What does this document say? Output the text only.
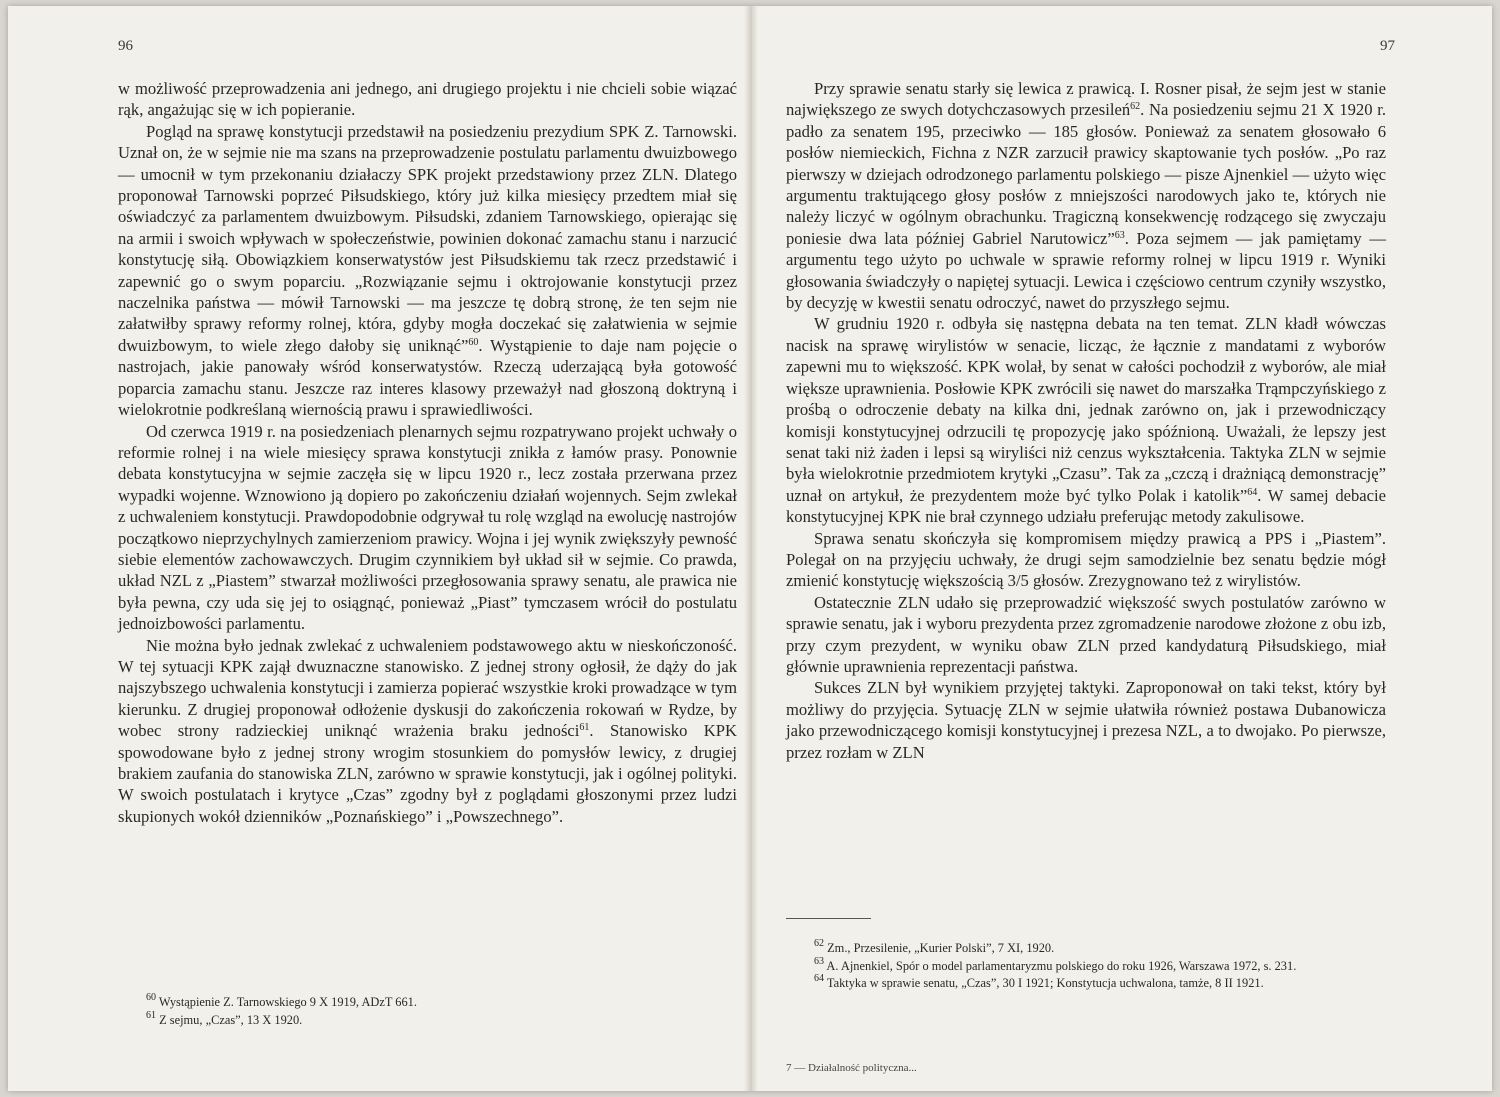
96

w możliwość przeprowadzenia ani jednego, ani drugiego projektu i nie chcieli sobie wiązać rąk, angażując się w ich popieranie.

Pogląd na sprawę konstytucji przedstawił na posiedzeniu prezydium SPK Z. Tarnowski. Uznał on, że w sejmie nie ma szans na przeprowadzenie postulatu parlamentu dwuizbowego — umocnił w tym przekonaniu działaczy SPK projekt przedstawiony przez ZLN. Dlatego proponował Tarnowski poprzeć Piłsudskiego, który już kilka miesięcy przedtem miał się oświadczyć za parlamentem dwuizbowym. Piłsudski, zdaniem Tarnowskiego, opierając się na armii i swoich wpływach w społeczeństwie, powinien dokonać zamachu stanu i narzucić konstytucję siłą. Obowiązkiem konserwatystów jest Piłsudskiemu tak rzecz przedstawić i zapewnić go o swym poparciu. „Rozwiązanie sejmu i oktrojowanie konstytucji przez naczelnika państwa — mówił Tarnowski — ma jeszcze tę dobrą stronę, że ten sejm nie załatwiłby sprawy reformy rolnej, która, gdyby mogła doczekać się załatwienia w sejmie dwuizbowym, to wiele złego dałoby się uniknąć”$^{60}$. Wystąpienie to daje nam pojęcie o nastrojach, jakie panowały wśród konserwatystów. Rzeczą uderzającą była gotowość poparcia zamachu stanu. Jeszcze raz interes klasowy przeważył nad głoszoną doktryną i wielokrotnie podkreślaną wiernością prawu i sprawiedliwości.

Od czerwca 1919 r. na posiedzeniach plenarnych sejmu rozpatrywano projekt uchwały o reformie rolnej i na wiele miesięcy sprawa konstytucji znikła z łamów prasy. Ponownie debata konstytucyjna w sejmie zaczęła się w lipcu 1920 r., lecz została przerwana przez wypadki wojenne. Wznowiono ją dopiero po zakończeniu działań wojennych. Sejm zwlekał z uchwaleniem konstytucji. Prawdopodobnie odgrywał tu rolę wzgląd na ewolucję nastrojów początkowo nieprzychylnych zamierzeniom prawicy. Wojna i jej wynik zwiększyły pewność siebie elementów zachowawczych. Drugim czynnikiem był układ sił w sejmie. Co prawda, układ NZL z „Piastem” stwarzał możliwości przegłosowania sprawy senatu, ale prawica nie była pewna, czy uda się jej to osiągnąć, ponieważ „Piast” tymczasem wrócił do postulatu jednoizbowości parlamentu.

Nie można było jednak zwlekać z uchwaleniem podstawowego aktu w nieskończoność. W tej sytuacji KPK zajął dwuznaczne stanowisko. Z jednej strony ogłosił, że dąży do jak najszybszego uchwalenia konstytucji i zamierza popierać wszystkie kroki prowadzące w tym kierunku. Z drugiej proponował odłożenie dyskusji do zakończenia rokowań w Rydze, by wobec strony radzieckiej uniknąć wrażenia braku jedności$^{61}$. Stanowisko KPK spowodowane było z jednej strony wrogim stosunkiem do pomysłów lewicy, z drugiej brakiem zaufania do stanowiska ZLN, zarówno w sprawie konstytucji, jak i ogólnej polityki. W swoich postulatach i krytyce „Czas” zgodny był z poglądami głoszonymi przez ludzi skupionych wokół dzienników „Poznańskiego” i „Powszechnego”.

$^{60}$ Wystąpienie Z. Tarnowskiego 9 X 1919, ADzT 661.

$^{61}$ Z sejmu, „Czas”, 13 X 1920.

97

Przy sprawie senatu starły się lewica z prawicą. I. Rosner pisał, że sejm jest w stanie największego ze swych dotychczasowych przesileń$^{62}$. Na posiedzeniu sejmu 21 X 1920 r. padło za senatem 195, przeciwko — 185 głosów. Ponieważ za senatem głosowało 6 posłów niemieckich, Fichna z NZR zarzucił prawicy skaptowanie tych posłów. „Po raz pierwszy w dziejach odrodzonego parlamentu polskiego — pisze Ajnenkiel — użyto więc argumentu traktującego głosy posłów z mniejszości narodowych jako te, których nie należy liczyć w ogólnym obrachunku. Tragiczną konsekwencję rodzącego się zwyczaju poniesie dwa lata później Gabriel Narutowicz”$^{63}$. Poza sejmem — jak pamiętamy — argumentu tego użyto po uchwale w sprawie reformy rolnej w lipcu 1919 r. Wyniki głosowania świadczyły o napiętej sytuacji. Lewica i częściowo centrum czyniły wszystko, by decyzję w kwestii senatu odroczyć, nawet do przyszłego sejmu.

W grudniu 1920 r. odbyła się następna debata na ten temat. ZLN kładł wówczas nacisk na sprawę wirylistów w senacie, licząc, że łącznie z mandatami z wyborów zapewni mu to większość. KPK wolał, by senat w całości pochodził z wyborów, ale miał większe uprawnienia. Posłowie KPK zwrócili się nawet do marszałka Trąmpczyńskiego z prośbą o odroczenie debaty na kilka dni, jednak zarówno on, jak i przewodniczący komisji konstytucyjnej odrzucili tę propozycję jako spóźnioną. Uważali, że lepszy jest senat taki niż żaden i lepsi są wiryliści niż cenzus wykształcenia. Taktyka ZLN w sejmie była wielokrotnie przedmiotem krytyki „Czasu”. Tak za „czczą i drażniącą demonstrację” uznał on artykuł, że prezydentem może być tylko Polak i katolik”$^{64}$. W samej debacie konstytucyjnej KPK nie brał czynnego udziału preferując metody zakulisowe.

Sprawa senatu skończyła się kompromisem między prawicą a PPS i „Piastem”. Polegał on na przyjęciu uchwały, że drugi sejm samodzielnie bez senatu będzie mógł zmienić konstytucję większością 3/5 głosów. Zrezygnowano też z wirylistów.

Ostatecznie ZLN udało się przeprowadzić większość swych postulatów zarówno w sprawie senatu, jak i wyboru prezydenta przez zgromadzenie narodowe złożone z obu izb, przy czym prezydent, w wyniku obaw ZLN przed kandydaturą Piłsudskiego, miał głównie uprawnienia reprezentacji państwa.

Sukces ZLN był wynikiem przyjętej taktyki. Zaproponował on taki tekst, który był możliwy do przyjęcia. Sytuację ZLN w sejmie ułatwiła również postawa Dubanowicza jako przewodniczącego komisji konstytucyjnej i prezesa NZL, a to dwojako. Po pierwsze, przez rozłam w ZLN

$^{62}$ Zm., Przesilenie, „Kurier Polski”, 7 XI, 1920.

$^{63}$ A. Ajnenkiel, Spór o model parlamentaryzmu polskiego do roku 1926, Warszawa 1972, s. 231.

$^{64}$ Taktyka w sprawie senatu, „Czas”, 30 I 1921; Konstytucja uchwalona, tamże, 8 II 1921.

7 — Działalność polityczna...
